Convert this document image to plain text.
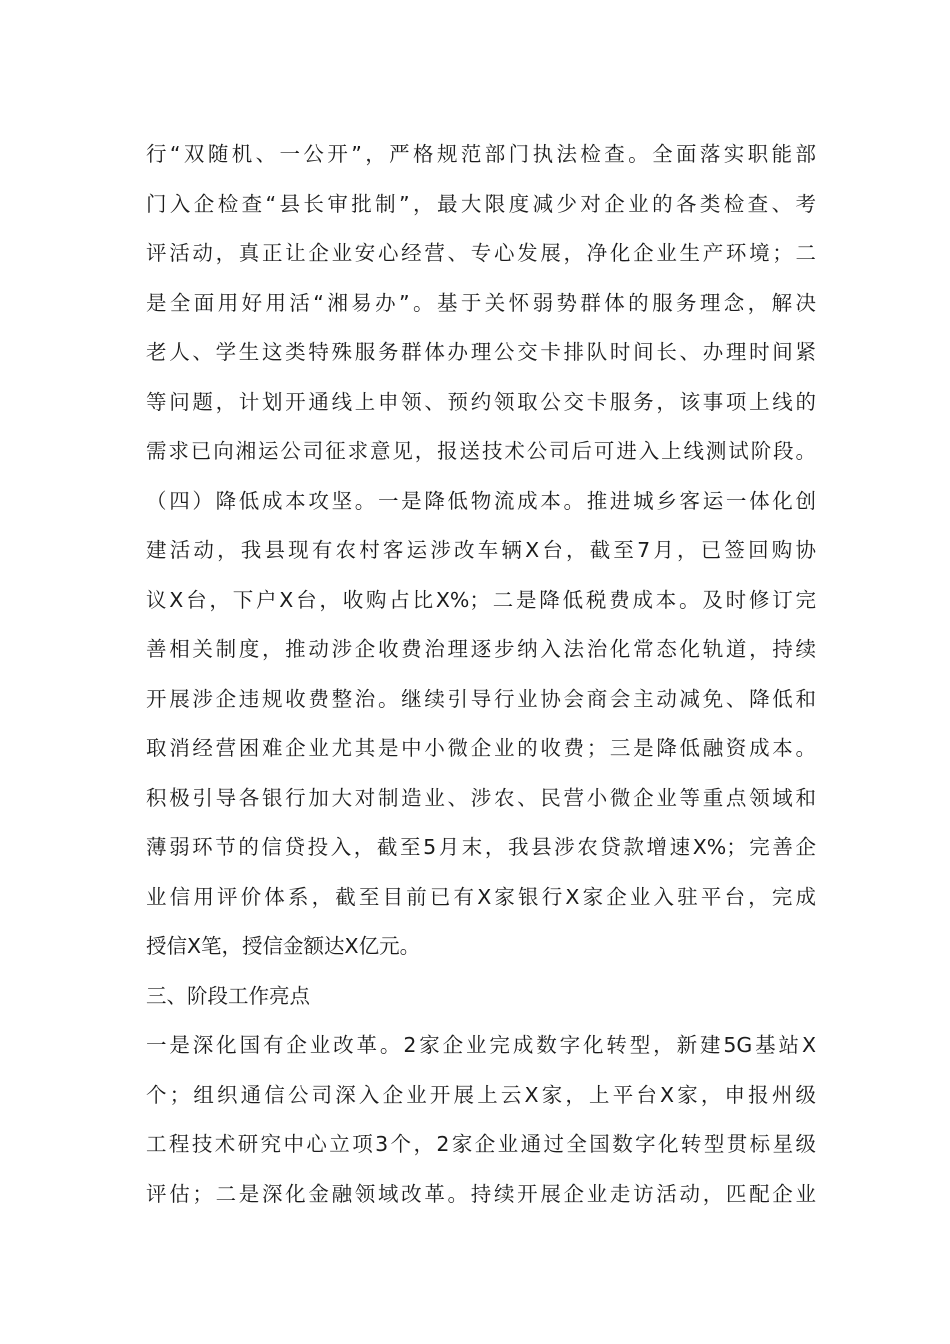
行“双随机、一公开”，严格规范部门执法检查。全面落实职能部
门入企检查“县长审批制”，最大限度减少对企业的各类检查、考
评活动，真正让企业安心经营、专心发展，净化企业生产环境；二
是全面用好用活“湘易办”。基于关怀弱势群体的服务理念，解决
老人、学生这类特殊服务群体办理公交卡排队时间长、办理时间紧
等问题，计划开通线上申领、预约领取公交卡服务，该事项上线的
需求已向湘运公司征求意见，报送技术公司后可进入上线测试阶段。
（四）降低成本攻坚。一是降低物流成本。推进城乡客运一体化创
建活动，我县现有农村客运涉改车辆X台，截至7月，已签回购协
议X台，下户X台，收购占比X%；二是降低税费成本。及时修订完
善相关制度，推动涉企收费治理逐步纳入法治化常态化轨道，持续
开展涉企违规收费整治。继续引导行业协会商会主动减免、降低和
取消经营困难企业尤其是中小微企业的收费；三是降低融资成本。
积极引导各银行加大对制造业、涉农、民营小微企业等重点领域和
薄弱环节的信贷投入，截至5月末，我县涉农贷款增速X%；完善企
业信用评价体系，截至目前已有X家银行X家企业入驻平台，完成
授信X笔，授信金额达X亿元。
三、阶段工作亮点
一是深化国有企业改革。2家企业完成数字化转型，新建5G基站X
个；组织通信公司深入企业开展上云X家，上平台X家，申报州级
工程技术研究中心立项3个，2家企业通过全国数字化转型贯标星级
评估；二是深化金融领域改革。持续开展企业走访活动，匹配企业
